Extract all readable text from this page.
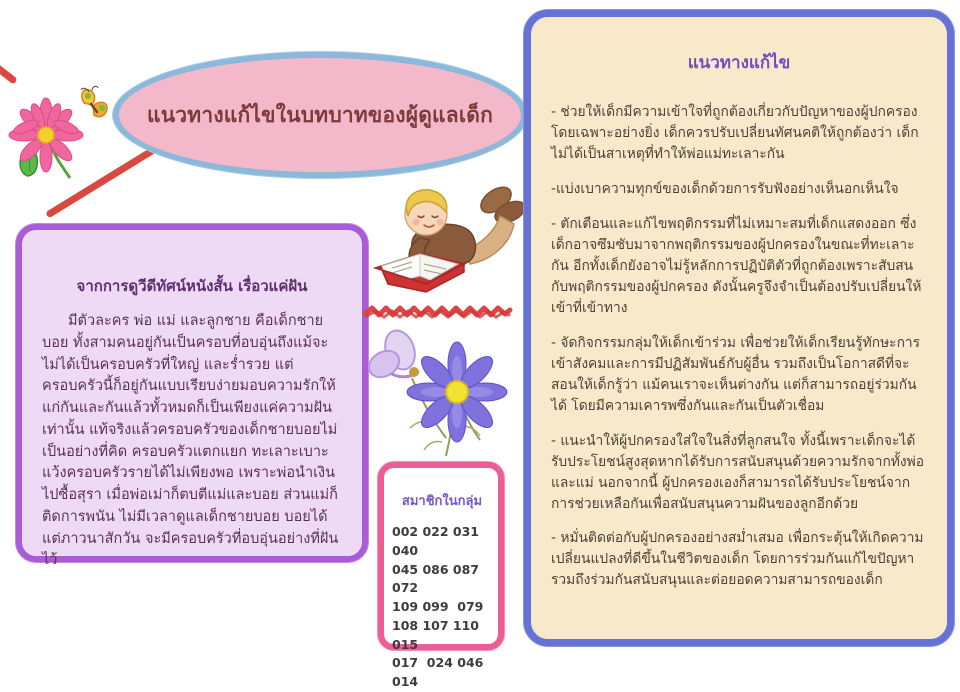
แนวทางแก้ไขในบทบาทของผู้ดูแลเด็ก

จากการดูวีดีทัศน์หนังสั้น เรื่อวแค่ฝัน

มีตัวละคร พ่อ แม่ และลูกชาย คือเด็กชายบอย ทั้งสามคนอยู่กันเป็นครอบที่อบอุ่นถึงแม้จะไม่ได้เป็นครอบครัวที่ใหญ่ และร่ำรวย แต่ครอบครัวนี้ก็อยู่กันแบบเรียบง่ายมอบความรักให้แก่กันและกันแล้วทั้วหมดก็เป็นเพียงแค่ความฝันเท่านั้น แท้จริงแล้วครอบครัวของเด็กชายบอยไม่เป็นอย่างที่คิด ครอบครัวแตกแยก ทะเลาะเบาะแว้งครอบครัวรายได้ไม่เพียงพอ เพราะพ่อนำเงิน ไปซื้อสุรา เมื่อพ่อเม่าก็ตบตีแม่และบอย ส่วนแม่ก็ติดการพนัน ไม่มีเวลาดูแลเด็กชายบอย บอยได้แต่ภาวนาสักวัน จะมีครอบครัวที่อบอุ่นอย่างที่ฝันไว้

สมาชิกในกลุ่ม

002 022 031 040

045 086 087 072

109 099  079

108 107 110 015

017  024 046

014

แนวทางแก้ไข

- ช่วยให้เด็กมีความเข้าใจที่ถูกต้องเกี่ยวกับปัญหาของผู้ปกครอง โดยเฉพาะอย่างยิ่ง เด็กควรปรับเปลี่ยนทัศนคติให้ถูกต้องว่า เด็กไม่ได้เป็นสาเหตุที่ทำให้พ่อแม่ทะเลาะกัน

-แบ่งเบาความทุกข์ของเด็กด้วยการรับฟังอย่างเห็นอกเห็นใจ

- ตักเตือนและแก้ไขพฤติกรรมที่ไม่เหมาะสมที่เด็กแสดงออก ซึ่งเด็กอาจซึมซับมาจากพฤติกรรมของผู้ปกครองในขณะที่ทะเลาะกัน อีกทั้งเด็กยังอาจไม่รู้หลักการปฏิบัติตัวที่ถูกต้องเพราะสับสนกับพฤติกรรมของผู้ปกครอง ดังนั้นครูจึงจำเป็นต้องปรับเปลี่ยนให้เข้าที่เข้าทาง

- จัดกิจกรรมกลุ่มให้เด็กเข้าร่วม เพื่อช่วยให้เด็กเรียนรู้ทักษะการเข้าสังคมและการมีปฏิสัมพันธ์กับผู้อื่น รวมถึงเป็นโอกาสดีที่จะสอนให้เด็กรู้ว่า แม้คนเราจะเห็นต่างกัน แต่ก็สามารถอยู่ร่วมกันได้ โดยมีความเคารพซึ่งกันและกันเป็นตัวเชื่อม

- แนะนำให้ผู้ปกครองใส่ใจในสิ่งที่ลูกสนใจ ทั้งนี้เพราะเด็กจะได้รับประโยชน์สูงสุดหากได้รับการสนับสนุนด้วยความรักจากทั้งพ่อและแม่ นอกจากนี้ ผู้ปกครองเองก็สามารถได้รับประโยชน์จากการช่วยเหลือกันเพื่อสนับสนุนความฝันของลูกอีกด้วย

- หมั่นติดต่อกับผู้ปกครองอย่างสม่ำเสมอ เพื่อกระตุ้นให้เกิดความเปลี่ยนแปลงที่ดีขึ้นในชีวิตของเด็ก โดยการร่วมกันแก้ไขปัญหา รวมถึงร่วมกันสนับสนุนและต่อยอดความสามารถของเด็ก
